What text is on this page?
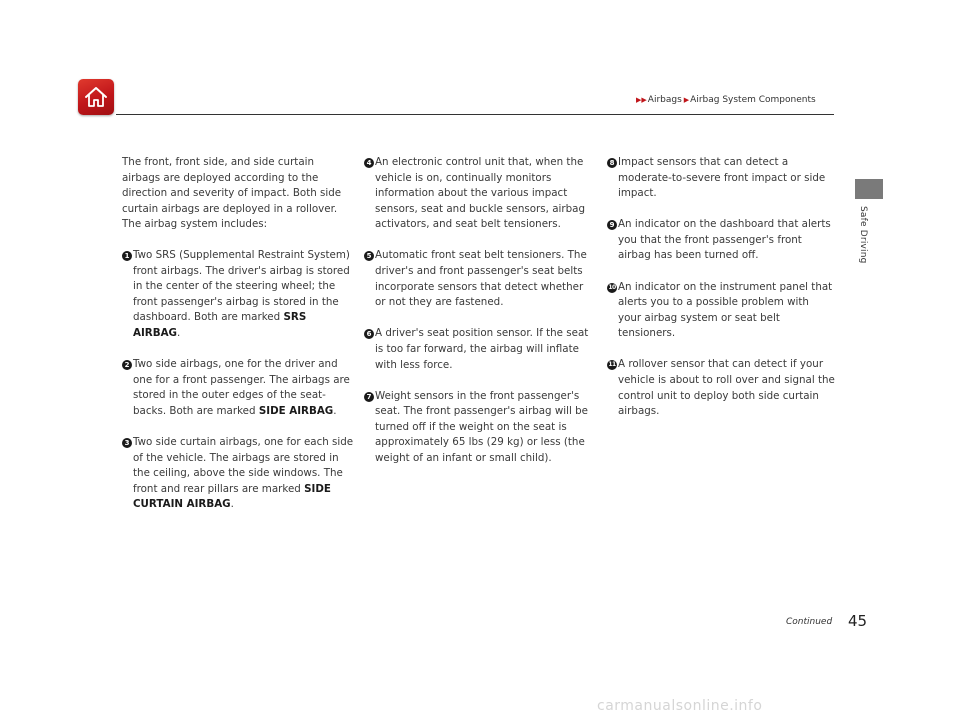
▶▶ Airbags ▶ Airbag System Components
Safe Driving

The front, front side, and side curtain airbags are deployed according to the direction and severity of impact. Both side curtain airbags are deployed in a rollover. The airbag system includes:

1 Two SRS (Supplemental Restraint System) front airbags. The driver's airbag is stored in the center of the steering wheel; the front passenger's airbag is stored in the dashboard. Both are marked SRS AIRBAG.
2 Two side airbags, one for the driver and one for a front passenger. The airbags are stored in the outer edges of the seat-backs. Both are marked SIDE AIRBAG.
3 Two side curtain airbags, one for each side of the vehicle. The airbags are stored in the ceiling, above the side windows. The front and rear pillars are marked SIDE CURTAIN AIRBAG.
4 An electronic control unit that, when the vehicle is on, continually monitors information about the various impact sensors, seat and buckle sensors, airbag activators, and seat belt tensioners.
5 Automatic front seat belt tensioners. The driver's and front passenger's seat belts incorporate sensors that detect whether or not they are fastened.
6 A driver's seat position sensor. If the seat is too far forward, the airbag will inflate with less force.
7 Weight sensors in the front passenger's seat. The front passenger's airbag will be turned off if the weight on the seat is approximately 65 lbs (29 kg) or less (the weight of an infant or small child).
8 Impact sensors that can detect a moderate-to-severe front impact or side impact.
9 An indicator on the dashboard that alerts you that the front passenger's front airbag has been turned off.
10 An indicator on the instrument panel that alerts you to a possible problem with your airbag system or seat belt tensioners.
11 A rollover sensor that can detect if your vehicle is about to roll over and signal the control unit to deploy both side curtain airbags.
Continued 45
carmanualsonline.info
